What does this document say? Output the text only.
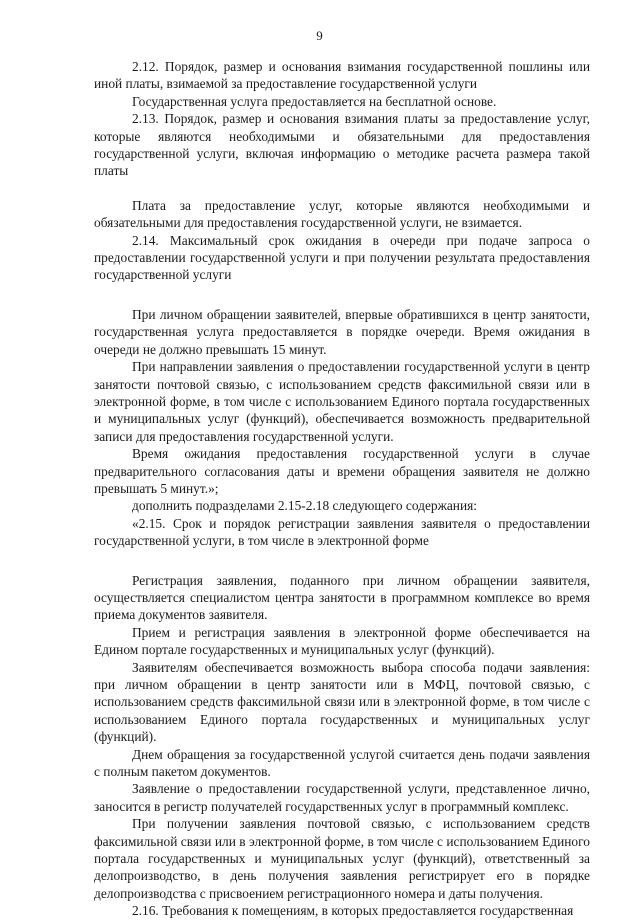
9

2.12. Порядок, размер и основания взимания государственной пошлины или иной платы, взимаемой за предоставление государственной услуги

Государственная услуга предоставляется на бесплатной основе.

2.13. Порядок, размер и основания взимания платы за предоставление услуг, которые являются необходимыми и обязательными для предоставления государственной услуги, включая информацию о методике расчета размера такой платы

Плата за предоставление услуг, которые являются необходимыми и обязательными для предоставления государственной услуги, не взимается.

2.14. Максимальный срок ожидания в очереди при подаче запроса о предоставлении государственной услуги и при получении результата предоставления государственной услуги

При личном обращении заявителей, впервые обратившихся в центр занятости, государственная услуга предоставляется в порядке очереди. Время ожидания в очереди не должно превышать 15 минут.

При направлении заявления о предоставлении государственной услуги в центр занятости почтовой связью, с использованием средств факсимильной связи или в электронной форме, в том числе с использованием Единого портала государственных и муниципальных услуг (функций), обеспечивается возможность предварительной записи для предоставления государственной услуги.

Время ожидания предоставления государственной услуги в случае предварительного согласования даты и времени обращения заявителя не должно превышать 5 минут.»;

дополнить подразделами 2.15-2.18 следующего содержания:

«2.15. Срок и порядок регистрации заявления заявителя о предоставлении государственной услуги, в том числе в электронной форме

Регистрация заявления, поданного при личном обращении заявителя, осуществляется специалистом центра занятости в программном комплексе во время приема документов заявителя.

Прием и регистрация заявления в электронной форме обеспечивается на Едином портале государственных и муниципальных услуг (функций).

Заявителям обеспечивается возможность выбора способа подачи заявления: при личном обращении в центр занятости или в МФЦ, почтовой связью, с использованием средств факсимильной связи или в электронной форме, в том числе с использованием Единого портала государственных и муниципальных услуг (функций).

Днем обращения за государственной услугой считается день подачи заявления с полным пакетом документов.

Заявление о предоставлении государственной услуги, представленное лично, заносится в регистр получателей государственных услуг в программный комплекс.

При получении заявления почтовой связью, с использованием средств факсимильной связи или в электронной форме, в том числе с использованием Единого портала государственных и муниципальных услуг (функций), ответственный за делопроизводство, в день получения заявления регистрирует его в порядке делопроизводства с присвоением регистрационного номера и даты получения.

2.16. Требования к помещениям, в которых предоставляется государственная
